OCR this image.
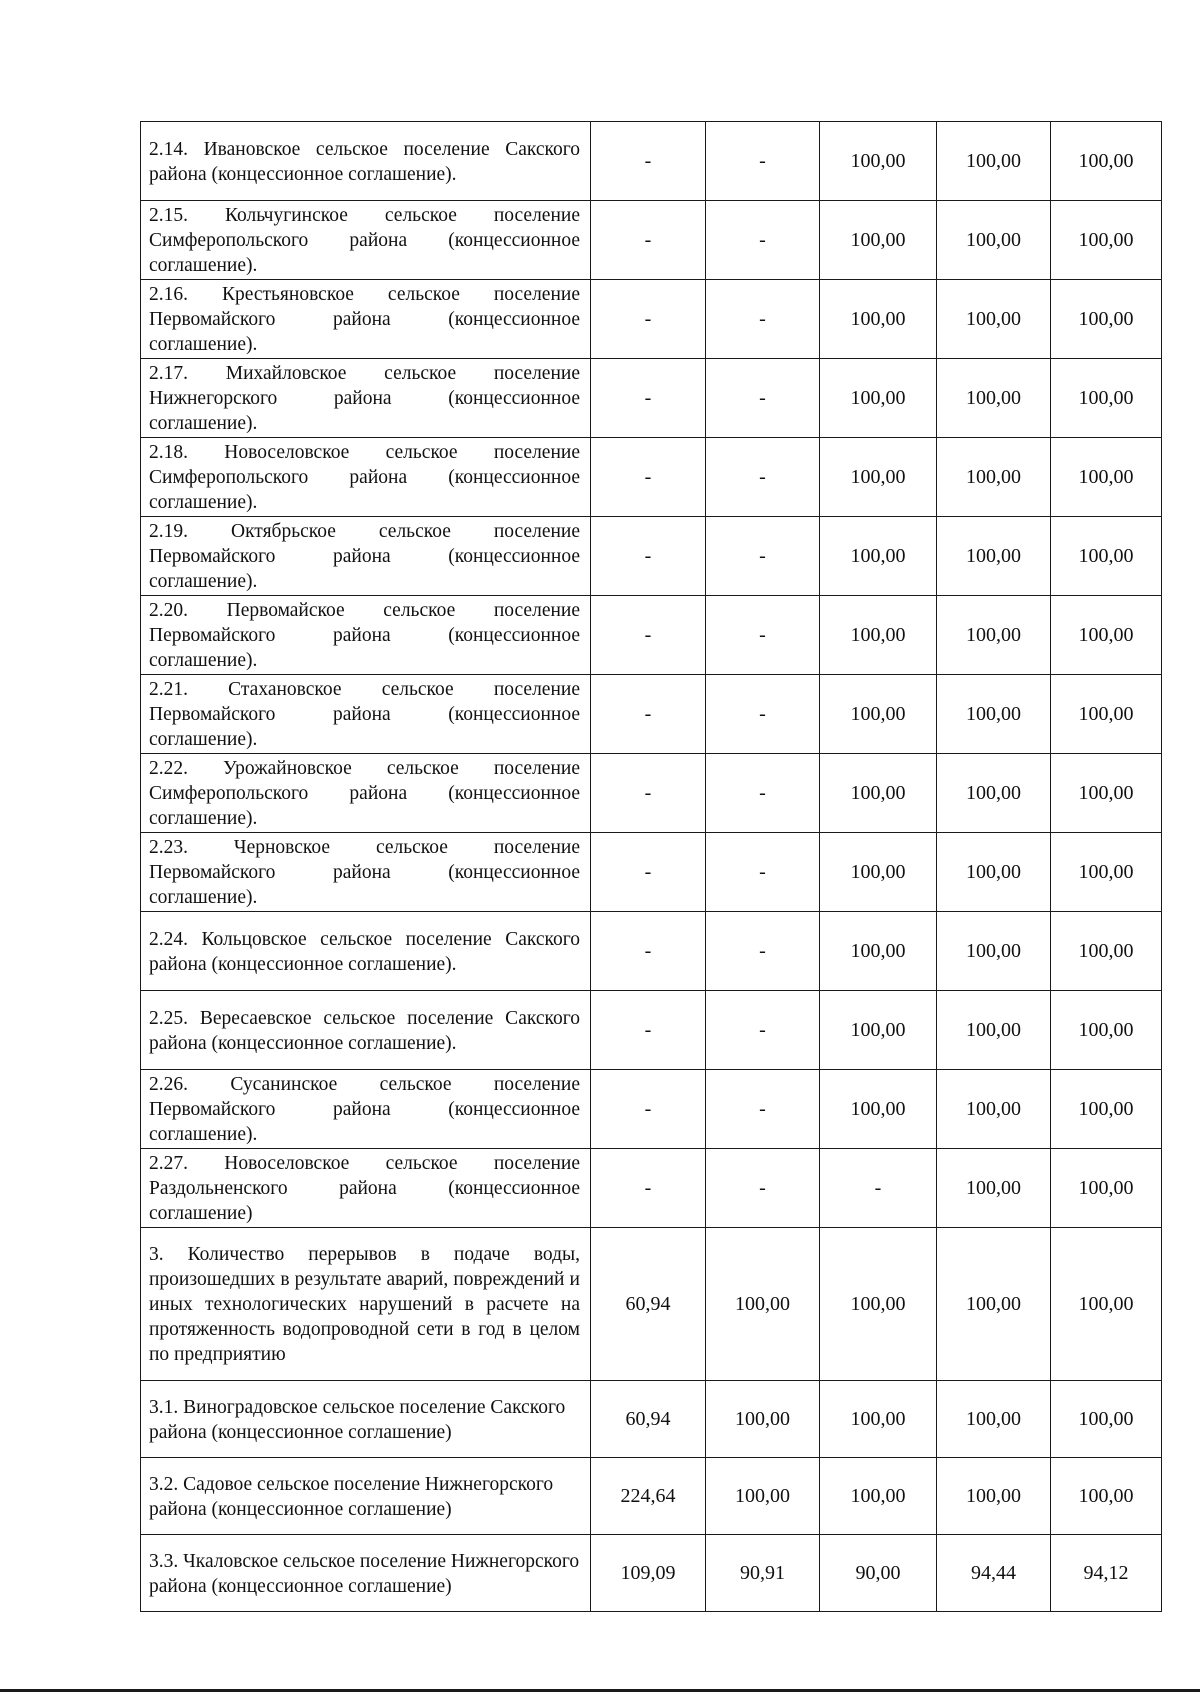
2.14. Ивановское сельское поселение Сакского района (концессионное соглашение).	-	-	100,00	100,00	100,00
2.15. Кольчугинское сельское поселение Симферопольского района (концессионное соглашение).	-	-	100,00	100,00	100,00
2.16. Крестьяновское сельское поселение Первомайского района (концессионное соглашение).	-	-	100,00	100,00	100,00
2.17. Михайловское сельское поселение Нижнегорского района (концессионное соглашение).	-	-	100,00	100,00	100,00
2.18. Новоселовское сельское поселение Симферопольского района (концессионное соглашение).	-	-	100,00	100,00	100,00
2.19. Октябрьское сельское поселение Первомайского района (концессионное соглашение).	-	-	100,00	100,00	100,00
2.20. Первомайское сельское поселение Первомайского района (концессионное соглашение).	-	-	100,00	100,00	100,00
2.21. Стахановское сельское поселение Первомайского района (концессионное соглашение).	-	-	100,00	100,00	100,00
2.22. Урожайновское сельское поселение Симферопольского района (концессионное соглашение).	-	-	100,00	100,00	100,00
2.23. Черновское сельское поселение Первомайского района (концессионное соглашение).	-	-	100,00	100,00	100,00
2.24. Кольцовское сельское поселение Сакского района (концессионное соглашение).	-	-	100,00	100,00	100,00
2.25. Вересаевское сельское поселение Сакского района (концессионное соглашение).	-	-	100,00	100,00	100,00
2.26. Сусанинское сельское поселение Первомайского района (концессионное соглашение).	-	-	100,00	100,00	100,00
2.27. Новоселовское сельское поселение Раздольненского района (концессионное соглашение)	-	-	-	100,00	100,00
3. Количество перерывов в подаче воды, произошедших в результате аварий, повреждений и иных технологических нарушений в расчете на протяженность водопроводной сети в год в целом по предприятию	60,94	100,00	100,00	100,00	100,00
3.1. Виноградовское сельское поселение Сакского района (концессионное соглашение)	60,94	100,00	100,00	100,00	100,00
3.2. Садовое сельское поселение Нижнегорского района (концессионное соглашение)	224,64	100,00	100,00	100,00	100,00
3.3. Чкаловское сельское поселение Нижнегорского района (концессионное соглашение)	109,09	90,91	90,00	94,44	94,12
